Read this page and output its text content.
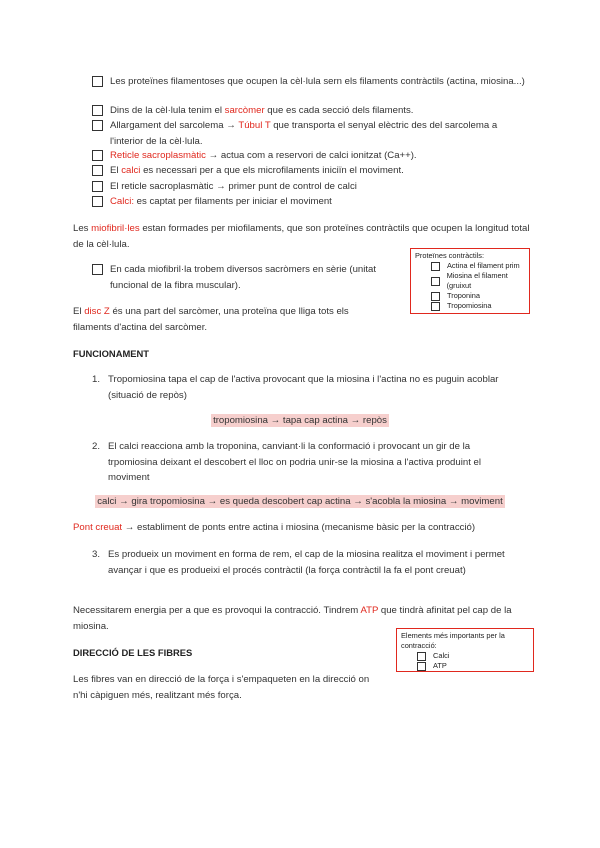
Les proteïnes filamentoses que ocupen la cèl·lula sern els filaments contràctils (actina, miosina...)
Dins de la cèl·lula tenim el sarcòmer que es cada secció dels filaments.
Allargament del sarcolema → Túbul T que transporta el senyal elèctric des del sarcolema a l'interior de la cèl·lula.
Reticle sacroplasmàtic → actua com a reservori de calci ionitzat (Ca++).
El calci es necessari per a que els microfilaments iniciïn el moviment.
El reticle sacroplasmàtic → primer punt de control de calci
Calci: es captat per filaments per iniciar el moviment
Les miofibril·les estan formades per miofilaments, que son proteïnes contràctils que ocupen la longitud total de la cèl·lula.
En cada miofibril·la trobem diversos sacròmers en sèrie (unitat funcional de la fibra muscular).
Proteïnes contràctils:
Actina el filament prim
Miosina el filament (gruixut
Troponina
Tropomiosina
El disc Z és una part del sarcòmer, una proteïna que lliga tots els filaments d'actina del sarcòmer.
FUNCIONAMENT
1. Tropomiosina tapa el cap de l'activa provocant que la miosina i l'actina no es puguin acoblar (situació de repòs)
tropomiosina → tapa cap actina → repòs
2. El calci reacciona amb la troponina, canviant·li la conformació i provocant un gir de la trpomiosina deixant el descobert el lloc on podria unir-se la miosina a l'activa produint el moviment
calci → gira tropomiosina → es queda descobert cap actina → s'acobla la miosina → moviment
Pont creuat → establiment de ponts entre actina i miosina (mecanisme bàsic per la contracció)
3. Es produeix un moviment en forma de rem, el cap de la miosina realitza el moviment i permet avançar i que es produeixi el procés contràctil (la força contràctil la fa el pont creuat)
Necessitarem energia per a que es provoqui la contracció. Tindrem ATP que tindrà afinitat pel cap de la miosina.
Elements més importants per la contracció:
Calci
ATP
DIRECCIÓ DE LES FIBRES
Les fibres van en direcció de la força i s'empaqueten en la direcció on n'hi càpiguen més, realitzant més força.
